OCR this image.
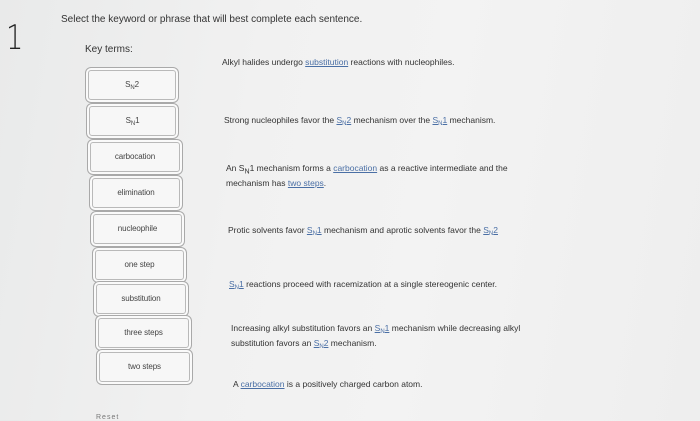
1	Select the keyword or phrase that will best complete each sentence.
Key terms:
$S_N2$
$S_N1$
carbocation
elimination
nucleophile
one step
substitution
three steps
two steps
Alkyl halides undergo substitution reactions with nucleophiles.
Strong nucleophiles favor the $S_N2$ mechanism over the $S_N1$ mechanism.
An $S_N1$ mechanism forms a carbocation as a reactive intermediate and the
mechanism has two steps.
Protic solvents favor $S_N1$ mechanism and aprotic solvents favor the $S_N2$
$S_N1$ reactions proceed with racemization at a single stereogenic center.
Increasing alkyl substitution favors an $S_N1$ mechanism while decreasing alkyl
substitution favors an $S_N2$ mechanism.
A carbocation is a positively charged carbon atom.
Reset
